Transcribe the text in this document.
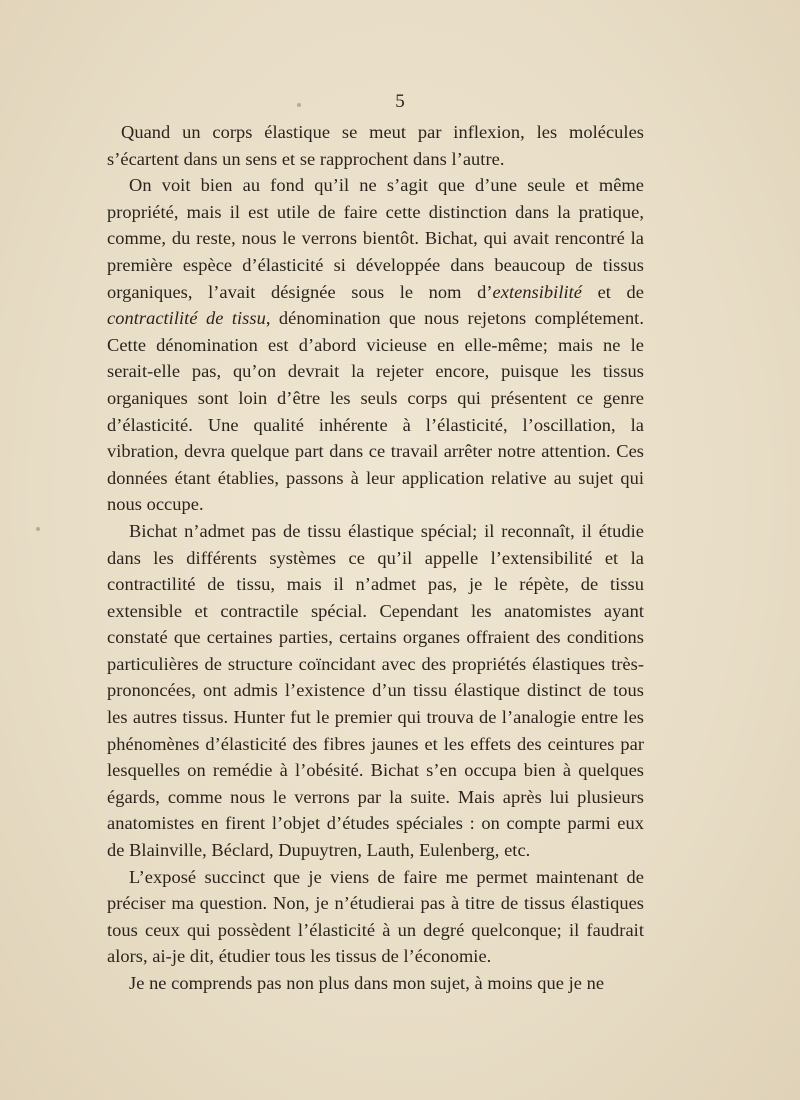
5

Quand un corps élastique se meut par inflexion, les molécules s’écartent dans un sens et se rapprochent dans l’autre.

On voit bien au fond qu’il ne s’agit que d’une seule et même propriété, mais il est utile de faire cette distinction dans la pratique, comme, du reste, nous le verrons bientôt. Bichat, qui avait rencontré la première espèce d’élasticité si développée dans beaucoup de tissus organiques, l’avait désignée sous le nom d’extensibilité et de contractilité de tissu, dénomination que nous rejetons complétement. Cette dénomination est d’abord vicieuse en elle-même; mais ne le serait-elle pas, qu’on devrait la rejeter encore, puisque les tissus organiques sont loin d’être les seuls corps qui présentent ce genre d’élasticité. Une qualité inhérente à l’élasticité, l’oscillation, la vibration, devra quelque part dans ce travail arrêter notre attention. Ces données étant établies, passons à leur application relative au sujet qui nous occupe.

Bichat n’admet pas de tissu élastique spécial; il reconnaît, il étudie dans les différents systèmes ce qu’il appelle l’extensibilité et la contractilité de tissu, mais il n’admet pas, je le répète, de tissu extensible et contractile spécial. Cependant les anatomistes ayant constaté que certaines parties, certains organes offraient des conditions particulières de structure coïncidant avec des propriétés élastiques très-prononcées, ont admis l’existence d’un tissu élastique distinct de tous les autres tissus. Hunter fut le premier qui trouva de l’analogie entre les phénomènes d’élasticité des fibres jaunes et les effets des ceintures par lesquelles on remédie à l’obésité. Bichat s’en occupa bien à quelques égards, comme nous le verrons par la suite. Mais après lui plusieurs anatomistes en firent l’objet d’études spéciales : on compte parmi eux de Blainville, Béclard, Dupuytren, Lauth, Eulenberg, etc.

L’exposé succinct que je viens de faire me permet maintenant de préciser ma question. Non, je n’étudierai pas à titre de tissus élastiques tous ceux qui possèdent l’élasticité à un degré quelconque; il faudrait alors, ai-je dit, étudier tous les tissus de l’économie.

Je ne comprends pas non plus dans mon sujet, à moins que je ne
